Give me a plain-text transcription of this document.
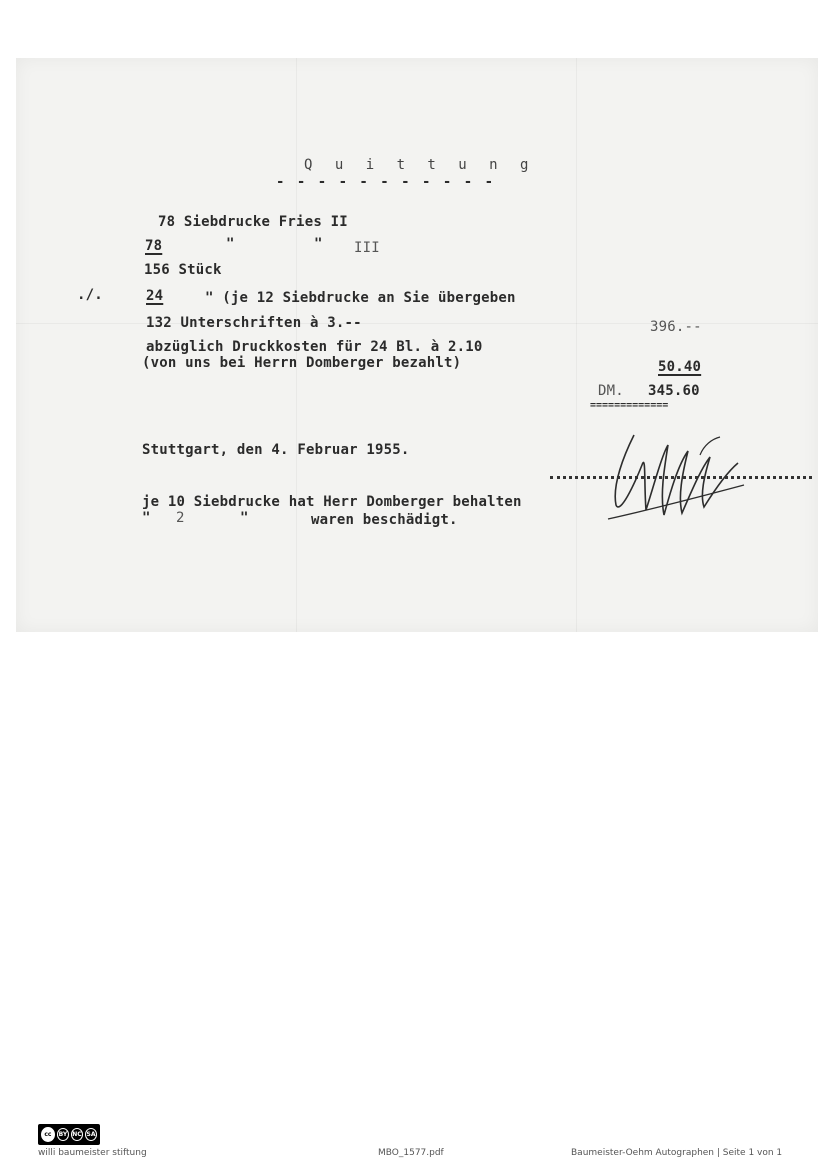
Q u i t t u n g
- - - - - - - - - - -
78 Siebdrucke Fries II
78	"	" III
156 Stück
./.	24	" (je 12 Siebdrucke an Sie übergeben
132 Unterschriften à 3.--	396.--
abzüglich Druckkosten für 24 Bl. à 2.10
(von uns bei Herrn Domberger bezahlt)	50.40
DM. 345.60
=============
Stuttgart, den 4. Februar 1955.
je 10 Siebdrucke hat Herr Domberger behalten
" 2	"	waren beschädigt.
cc	BY NC SA
willi baumeister stiftung	MBO_1577.pdf	Baumeister-Oehm Autographen | Seite 1 von 1
